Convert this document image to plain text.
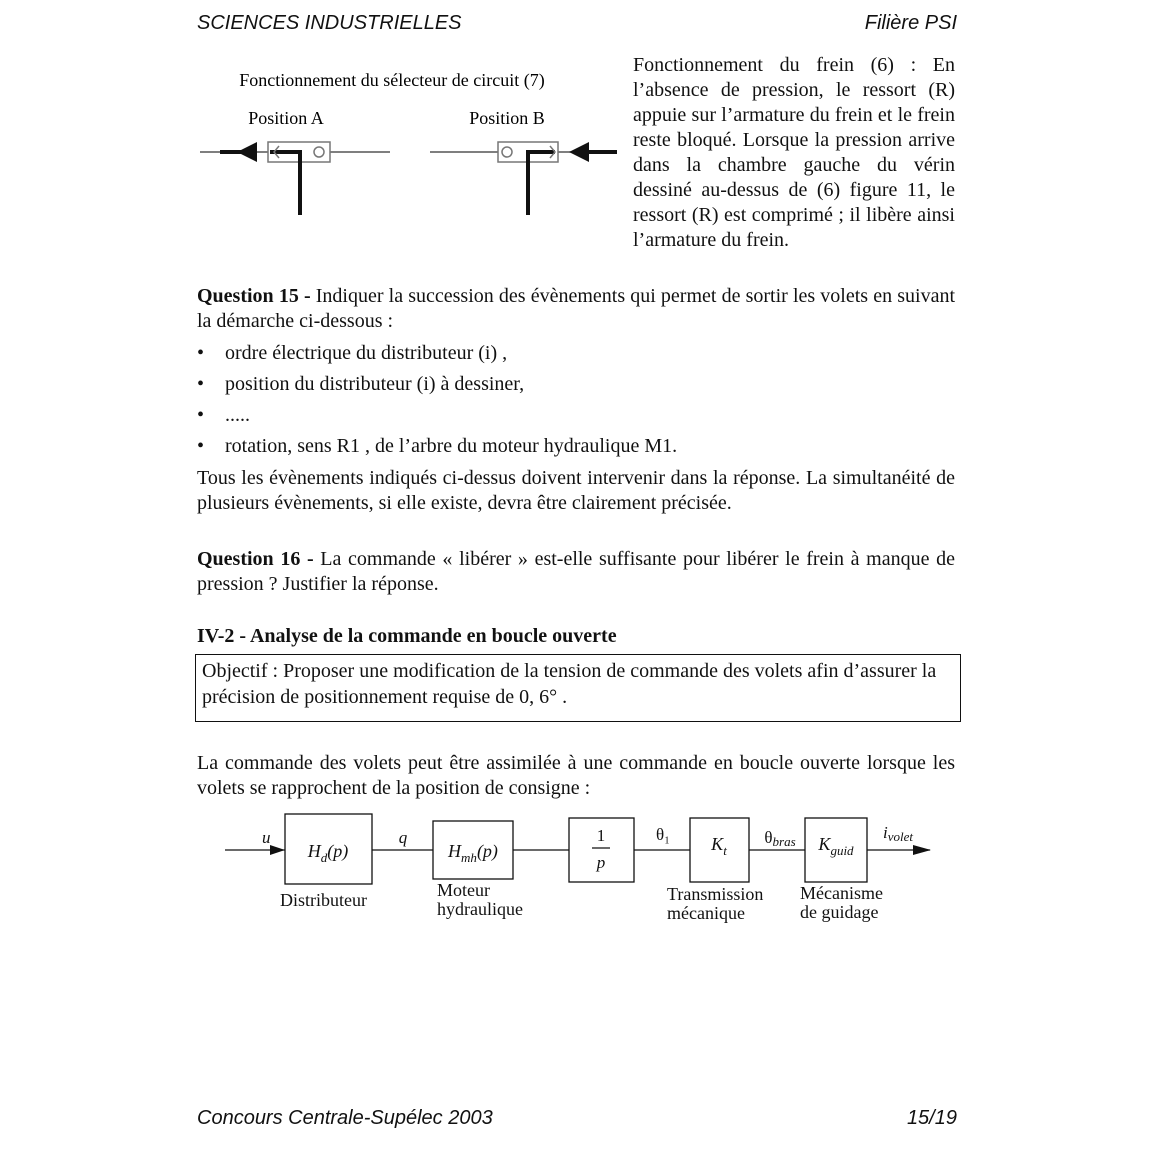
SCIENCES INDUSTRIELLES	Filière PSI
Fonctionnement du sélecteur de circuit (7)
Position A	Position B
Fonctionnement du frein (6) : En l’absence de pression, le ressort (R) appuie sur l’armature du frein et le frein reste bloqué. Lorsque la pression arrive dans la chambre gauche du vérin dessiné au-dessus de (6) figure 11, le ressort (R) est comprimé ; il libère ainsi l’armature du frein.
Question 15 - Indiquer la succession des évènements qui permet de sortir les volets en suivant la démarche ci-dessous :
• ordre électrique du distributeur (i) ,
• position du distributeur (i) à dessiner,
• .....
• rotation, sens R1 , de l’arbre du moteur hydraulique M1.
Tous les évènements indiqués ci-dessus doivent intervenir dans la réponse. La simultanéité de plusieurs évènements, si elle existe, devra être clairement précisée.
Question 16 - La commande « libérer » est-elle suffisante pour libérer le frein à manque de pression ? Justifier la réponse.
IV-2 - Analyse de la commande en boucle ouverte
Objectif : Proposer une modification de la tension de commande des volets afin d’assurer la précision de positionnement requise de 0, 6° .
La commande des volets peut être assimilée à une commande en boucle ouverte lorsque les volets se rapprochent de la position de consigne :
$H_d(p)$	$H_{mh}(p)$
1
p
$K_t$	$K_{guid}$
u	q	θ₁	θbras	ivolet
Distributeur	Moteur
hydraulique
Transmission
mécanique
Mécanisme
de guidage
Concours Centrale-Supélec 2003	15/19
